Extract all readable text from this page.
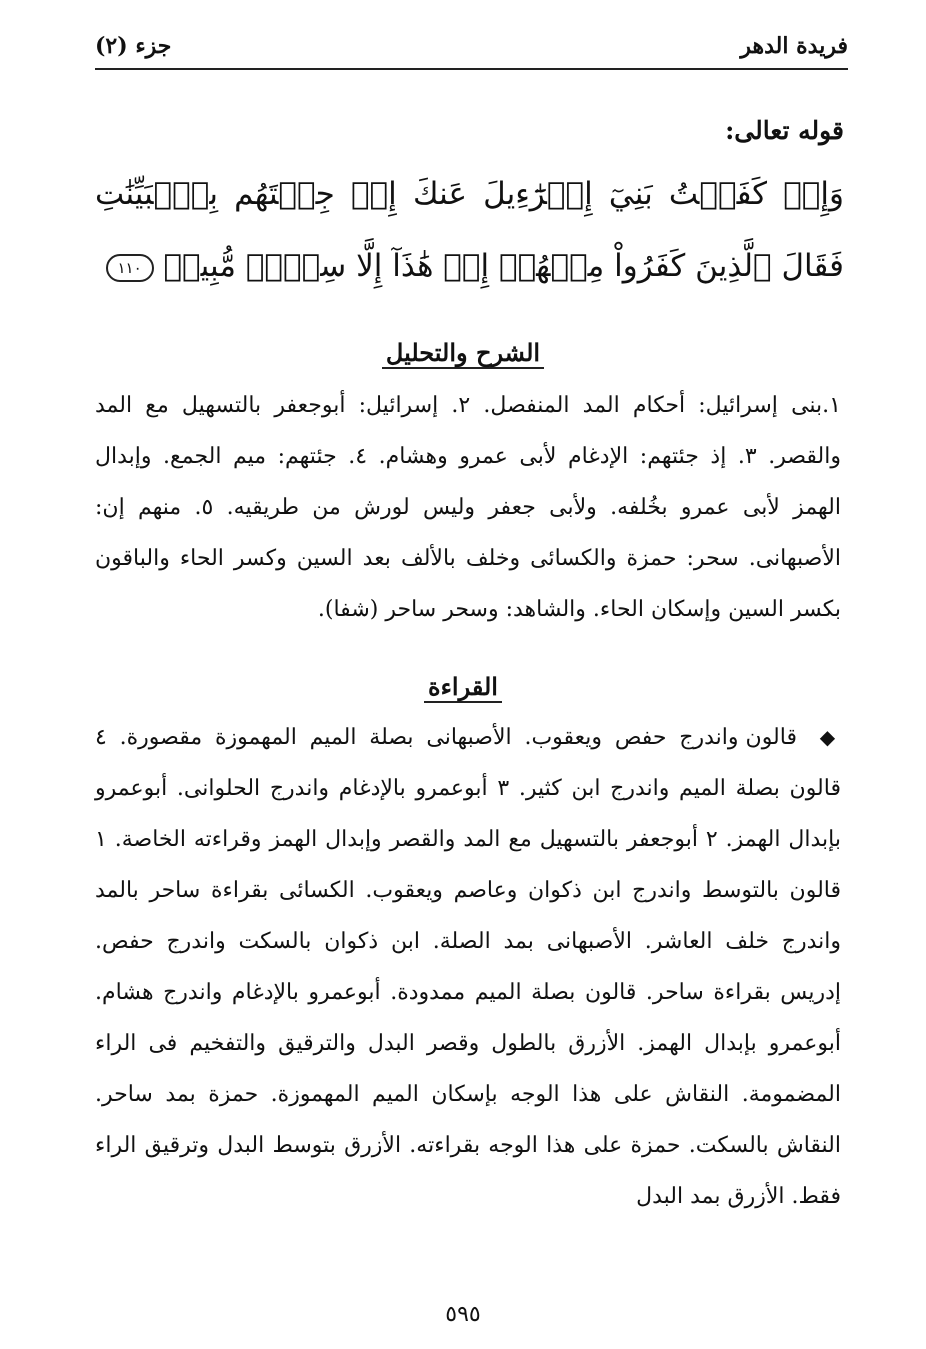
فريدة الدهر
جزء (٢)
قوله تعالى:
وَإِذۡ كَفَفۡتُ بَنِيٓ إِسۡرَٰٓءِيلَ عَنكَ إِذۡ جِئۡتَهُم بِٱلۡبَيِّنَٰتِ فَقَالَ ٱلَّذِينَ كَفَرُواْ مِنۡهُمۡ إِنۡ هَٰذَآ إِلَّا سِحۡرٞ مُّبِينٞ ١١٠
الشرح والتحليل
١.بنى إسرائيل: أحكام المد المنفصل. ٢. إسرائيل: أبوجعفر بالتسهيل مع المد والقصر. ٣. إذ جئتهم: الإدغام لأبى عمرو وهشام. ٤. جئتهم: ميم الجمع. وإبدال الهمز لأبى عمرو بخُلفه. ولأبى جعفر وليس لورش من طريقيه. ٥. منهم إن: الأصبهانى. سحر: حمزة والكسائى وخلف بالألف بعد السين وكسر الحاء والباقون بكسر السين وإسكان الحاء. والشاهد: وسحر ساحر (شفا).
القراءة
◆ قالون واندرج حفص ويعقوب. الأصبهانى بصلة الميم المهموزة مقصورة. ٤ قالون بصلة الميم واندرج ابن كثير. ٣ أبوعمرو بالإدغام واندرج الحلوانى. أبوعمرو بإبدال الهمز. ٢ أبوجعفر بالتسهيل مع المد والقصر وإبدال الهمز وقراءته الخاصة. ١ قالون بالتوسط واندرج ابن ذكوان وعاصم ويعقوب. الكسائى بقراءة ساحر بالمد واندرج خلف العاشر. الأصبهانى بمد الصلة. ابن ذكوان بالسكت واندرج حفص. إدريس بقراءة ساحر. قالون بصلة الميم ممدودة. أبوعمرو بالإدغام واندرج هشام. أبوعمرو بإبدال الهمز. الأزرق بالطول وقصر البدل والترقيق والتفخيم فى الراء المضمومة. النقاش على هذا الوجه بإسكان الميم المهموزة. حمزة بمد ساحر. النقاش بالسكت. حمزة على هذا الوجه بقراءته. الأزرق بتوسط البدل وترقيق الراء فقط. الأزرق بمد البدل
٥٩٥
